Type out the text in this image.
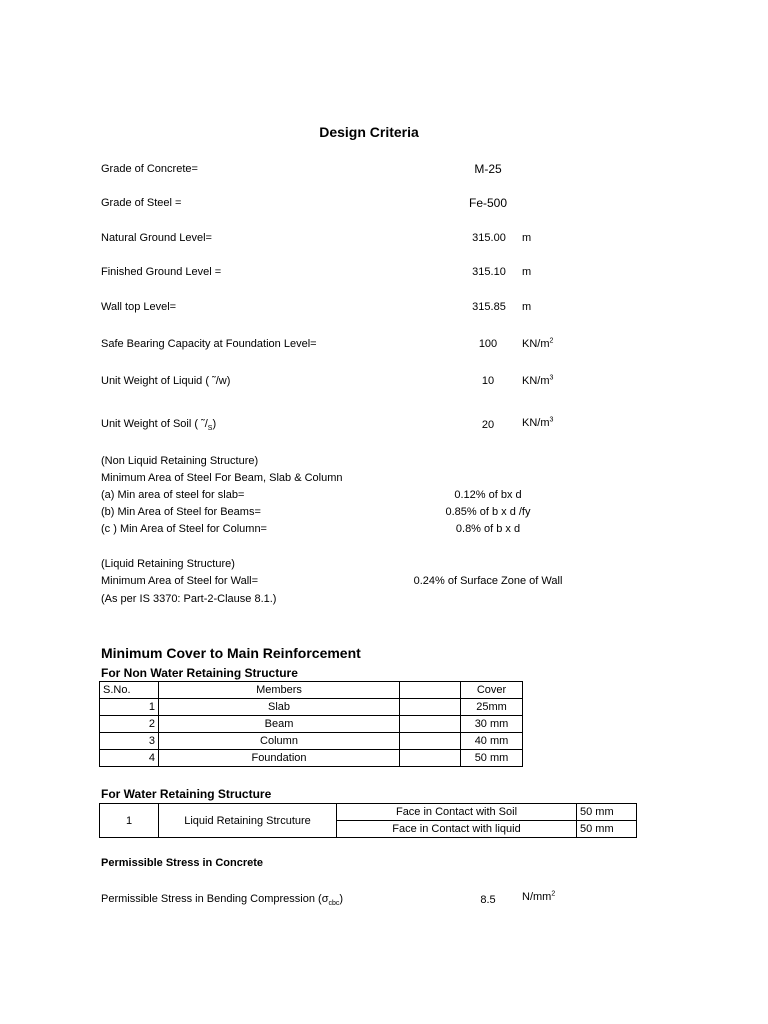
Design Criteria
Grade of Concrete=	M-25
Grade of Steel =	Fe-500
Natural Ground Level=	315.00	m
Finished Ground Level =	315.10	m
Wall top Level=	315.85	m
Safe Bearing Capacity at Foundation Level=	100	$KN/m^2$
Unit Weight of Liquid ( ˜/w)	10	$KN/m^3$
Unit Weight of Soil ( $˜/_S$)	20	$KN/m^3$
(Non Liquid Retaining Structure)
Minimum Area of Steel For Beam, Slab & Column
(a) Min area of steel for slab=	0.12% of bx d
(b) Min Area of Steel for Beams=	0.85% of b x d /fy
(c ) Min Area of Steel for Column=	0.8% of b x d
(Liquid Retaining Structure)
Minimum Area of Steel for Wall=	0.24% of Surface Zone of Wall
(As per IS 3370: Part-2-Clause 8.1.)
Minimum Cover to Main Reinforcement
For Non Water Retaining Structure
S.No.	Members		Cover
1	Slab		25mm
2	Beam		30 mm
3	Column		40 mm
4	Foundation		50 mm
For Water Retaining Structure
1	Liquid Retaining Strcuture	Face in Contact with Soil	50 mm
		Face in Contact with liquid	50 mm
Permissible Stress in Concrete
Permissible Stress in Bending Compression $(\sigma_{cbc})$	8.5	$N/mm^2$
